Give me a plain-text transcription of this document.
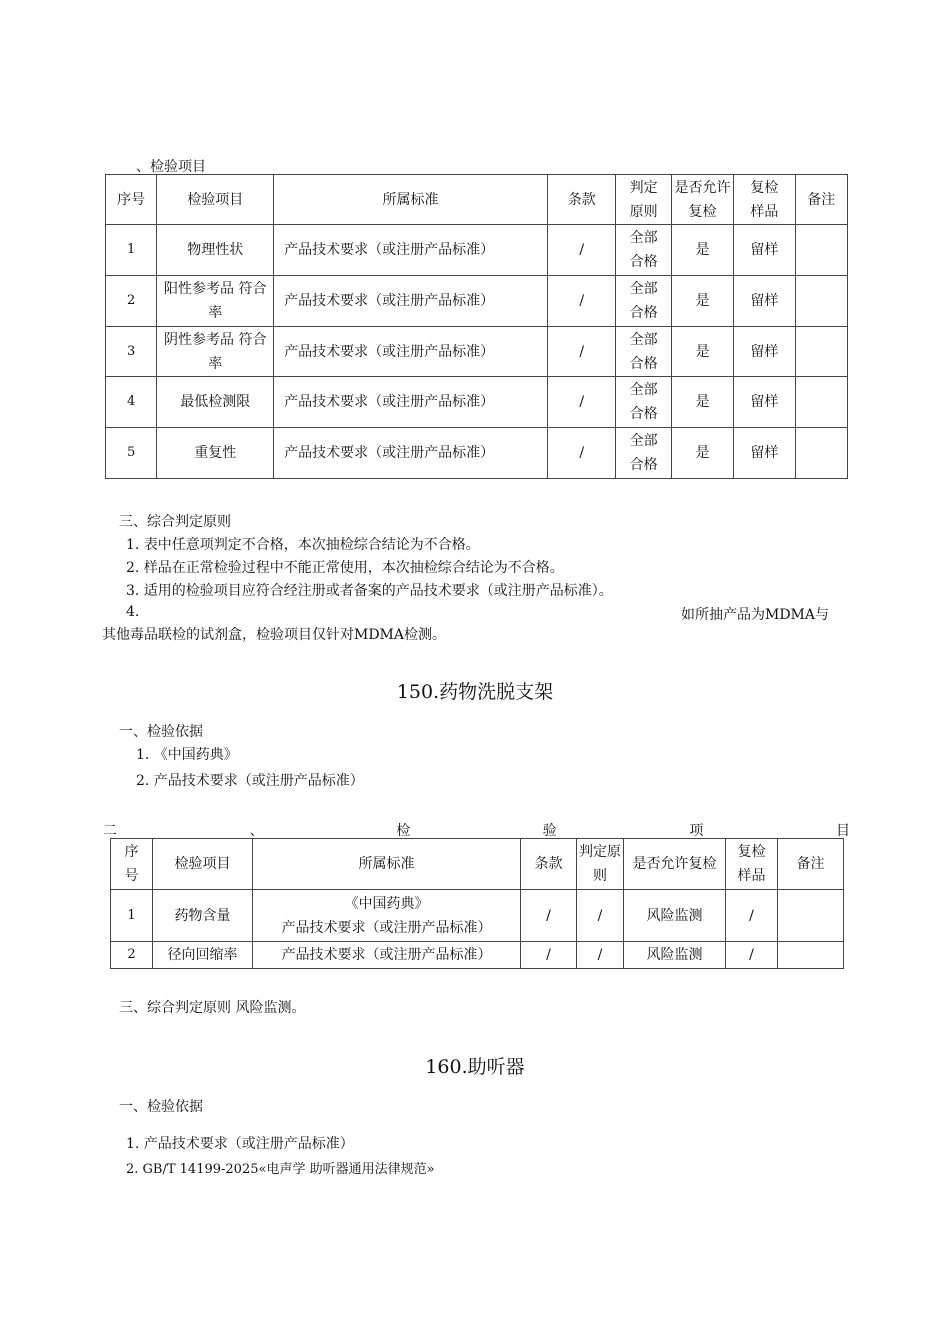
、检验项目
序号	检验项目	所属标准	条款	判定原则	是否允许复检	复检样品	备注
1	物理性状	产品技术要求（或注册产品标准）	/	全部合格	是	留样	
2	阳性参考品 符合率	产品技术要求（或注册产品标准）	/	全部合格	是	留样	
3	阴性参考品 符合率	产品技术要求（或注册产品标准）	/	全部合格	是	留样	
4	最低检测限	产品技术要求（或注册产品标准）	/	全部合格	是	留样	
5	重复性	产品技术要求（或注册产品标准）	/	全部合格	是	留样	
三、综合判定原则
1. 表中任意项判定不合格，本次抽检综合结论为不合格。
2. 样品在正常检验过程中不能正常使用，本次抽检综合结论为不合格。
3. 适用的检验项目应符合经注册或者备案的产品技术要求（或注册产品标准）。
4.	如所抽产品为MDMA与
其他毒品联检的试剂盒，检验项目仅针对MDMA检测。
150.药物洗脱支架
一、检验依据
1. 《中国药典》
2. 产品技术要求（或注册产品标准）
二	、	检	验	项	目
序号	检验项目	所属标准	条款	判定原则	是否允许复检	复检样品	备注
1	药物含量	《中国药典》
产品技术要求（或注册产品标准）	/	/	风险监测	/	
2	径向回缩率	产品技术要求（或注册产品标准）	/	/	风险监测	/	
三、综合判定原则 风险监测。
160.助听器
一、检验依据
1. 产品技术要求（或注册产品标准）
2. GB/T 14199-2025«电声学 助听器通用法律规范»
